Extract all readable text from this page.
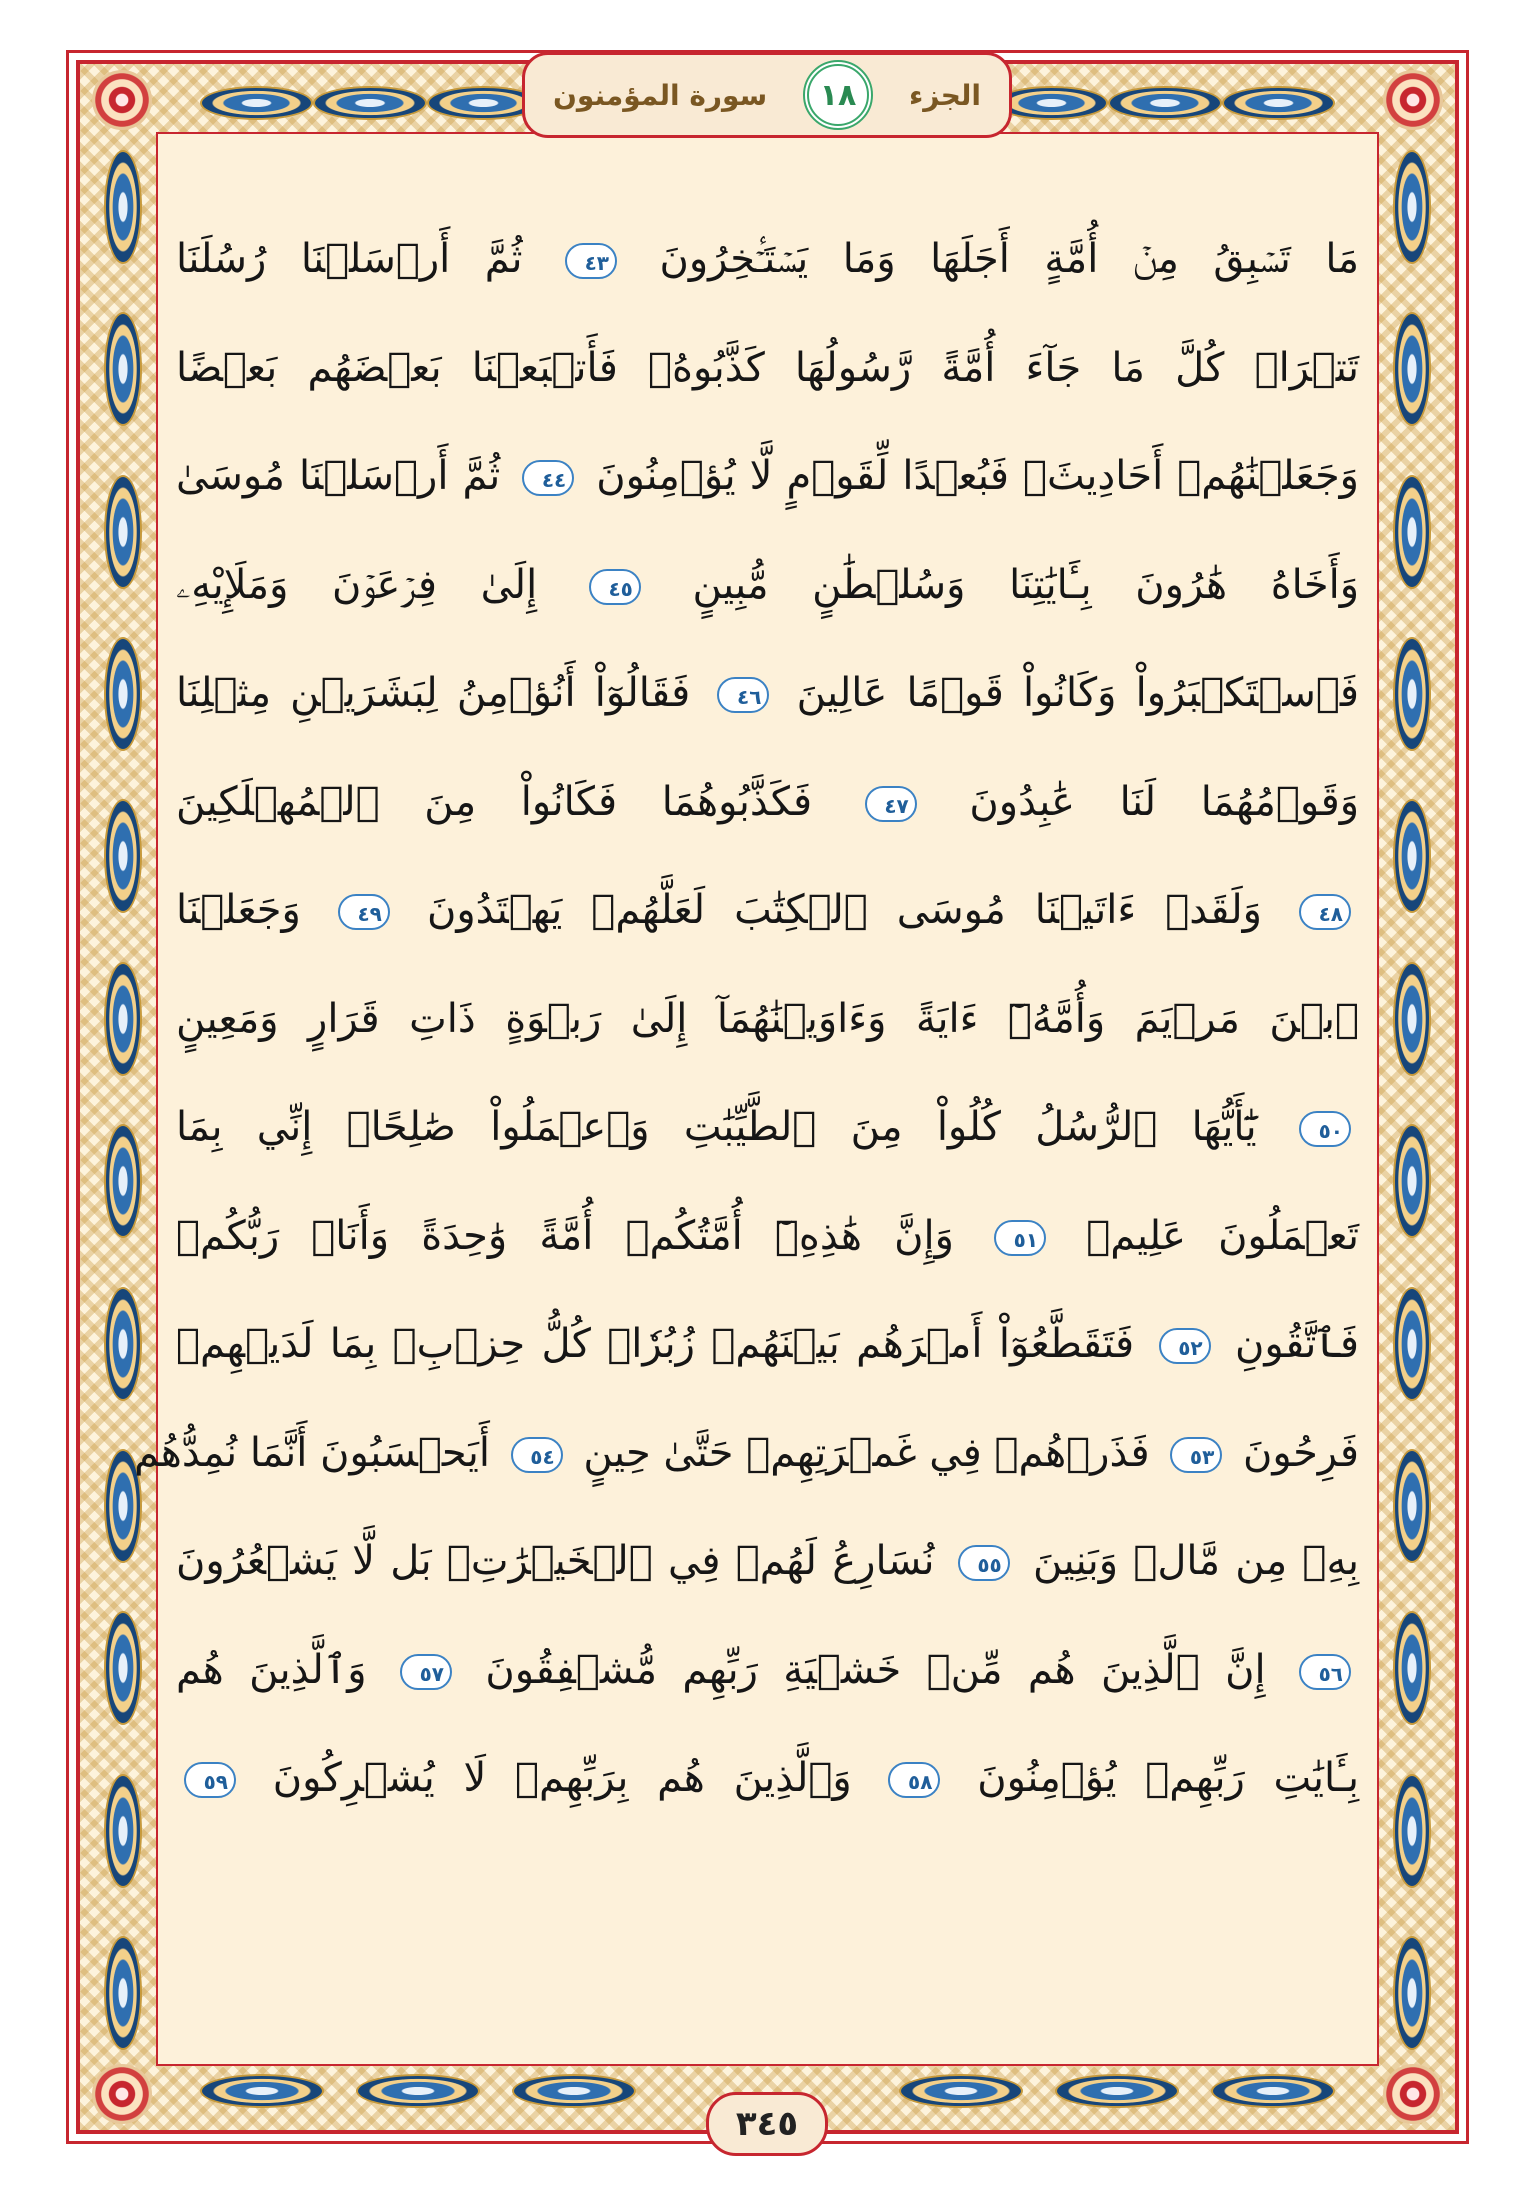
الجزء
١٨
سورة المؤمنون
مَا تَسۡبِقُ مِنۡ أُمَّةٍ أَجَلَهَا وَمَا يَسۡتَـٔۡخِرُونَ ٤٣ ثُمَّ أَرۡسَلۡنَا رُسُلَنَا
تَتۡرَاۖ كُلَّ مَا جَآءَ أُمَّةً رَّسُولُهَا كَذَّبُوهُۖ فَأَتۡبَعۡنَا بَعۡضَهُم بَعۡضًا
وَجَعَلۡنَٰهُمۡ أَحَادِيثَۚ فَبُعۡدًا لِّقَوۡمٍ لَّا يُؤۡمِنُونَ ٤٤ ثُمَّ أَرۡسَلۡنَا مُوسَىٰ
وَأَخَاهُ هَٰرُونَ بِـَٔايَٰتِنَا وَسُلۡطَٰنٍ مُّبِينٍ ٤٥ إِلَىٰ فِرۡعَوۡنَ وَمَلَإِيْهِۦ
فَٱسۡتَكۡبَرُواْ وَكَانُواْ قَوۡمًا عَالِينَ ٤٦ فَقَالُوٓاْ أَنُؤۡمِنُ لِبَشَرَيۡنِ مِثۡلِنَا
وَقَوۡمُهُمَا لَنَا عَٰبِدُونَ ٤٧ فَكَذَّبُوهُمَا فَكَانُواْ مِنَ ٱلۡمُهۡلَكِينَ
٤٨ وَلَقَدۡ ءَاتَيۡنَا مُوسَى ٱلۡكِتَٰبَ لَعَلَّهُمۡ يَهۡتَدُونَ ٤٩ وَجَعَلۡنَا
ٱبۡنَ مَرۡيَمَ وَأُمَّهُۥٓ ءَايَةً وَءَاوَيۡنَٰهُمَآ إِلَىٰ رَبۡوَةٍ ذَاتِ قَرَارٍ وَمَعِينٍ
٥٠ يَٰٓأَيُّهَا ٱلرُّسُلُ كُلُواْ مِنَ ٱلطَّيِّبَٰتِ وَٱعۡمَلُواْ صَٰلِحًاۖ إِنِّي بِمَا
تَعۡمَلُونَ عَلِيمٞ ٥١ وَإِنَّ هَٰذِهِۦٓ أُمَّتُكُمۡ أُمَّةً وَٰحِدَةً وَأَنَا۠ رَبُّكُمۡ
فَٱتَّقُونِ ٥٢ فَتَقَطَّعُوٓاْ أَمۡرَهُم بَيۡنَهُمۡ زُبُرٗاۖ كُلُّ حِزۡبِۭ بِمَا لَدَيۡهِمۡ
فَرِحُونَ ٥٣ فَذَرۡهُمۡ فِي غَمۡرَتِهِمۡ حَتَّىٰ حِينٍ ٥٤ أَيَحۡسَبُونَ أَنَّمَا نُمِدُّهُم
بِهِۦ مِن مَّالٖ وَبَنِينَ ٥٥ نُسَارِعُ لَهُمۡ فِي ٱلۡخَيۡرَٰتِۚ بَل لَّا يَشۡعُرُونَ
٥٦ إِنَّ ٱلَّذِينَ هُم مِّنۡ خَشۡيَةِ رَبِّهِم مُّشۡفِقُونَ ٥٧ وَٱلَّذِينَ هُم
بِـَٔايَٰتِ رَبِّهِمۡ يُؤۡمِنُونَ ٥٨ وَٱلَّذِينَ هُم بِرَبِّهِمۡ لَا يُشۡرِكُونَ ٥٩
٣٤٥
